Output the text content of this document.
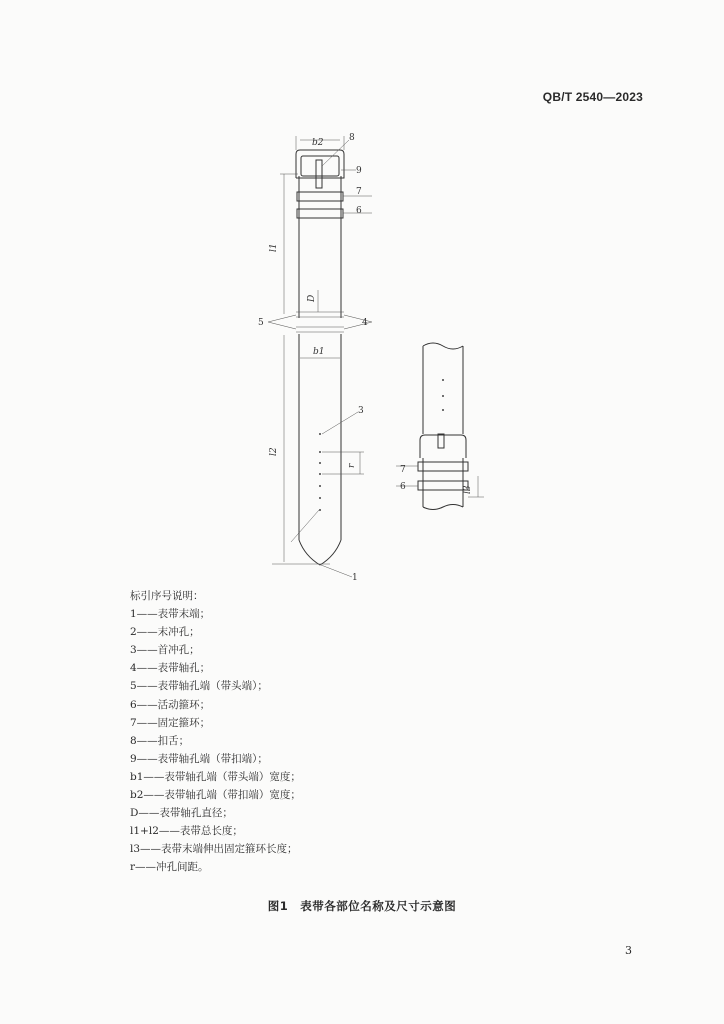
QB/T 2540—2023
8
9
7
6
5	4
3
1
7
6
b2
l1
D
b1
l2
r
l3
标引序号说明：
1——表带末端；
2——末冲孔；
3——首冲孔；
4——表带轴孔；
5——表带轴孔端（带头端）；
6——活动箍环；
7——固定箍环；
8——扣舌；
9——表带轴孔端（带扣端）；
b1——表带轴孔端（带头端）宽度；
b2——表带轴孔端（带扣端）宽度；
D——表带轴孔直径；
l1+l2——表带总长度；
l3——表带末端伸出固定箍环长度；
r——冲孔间距。
图1　表带各部位名称及尺寸示意图
3
